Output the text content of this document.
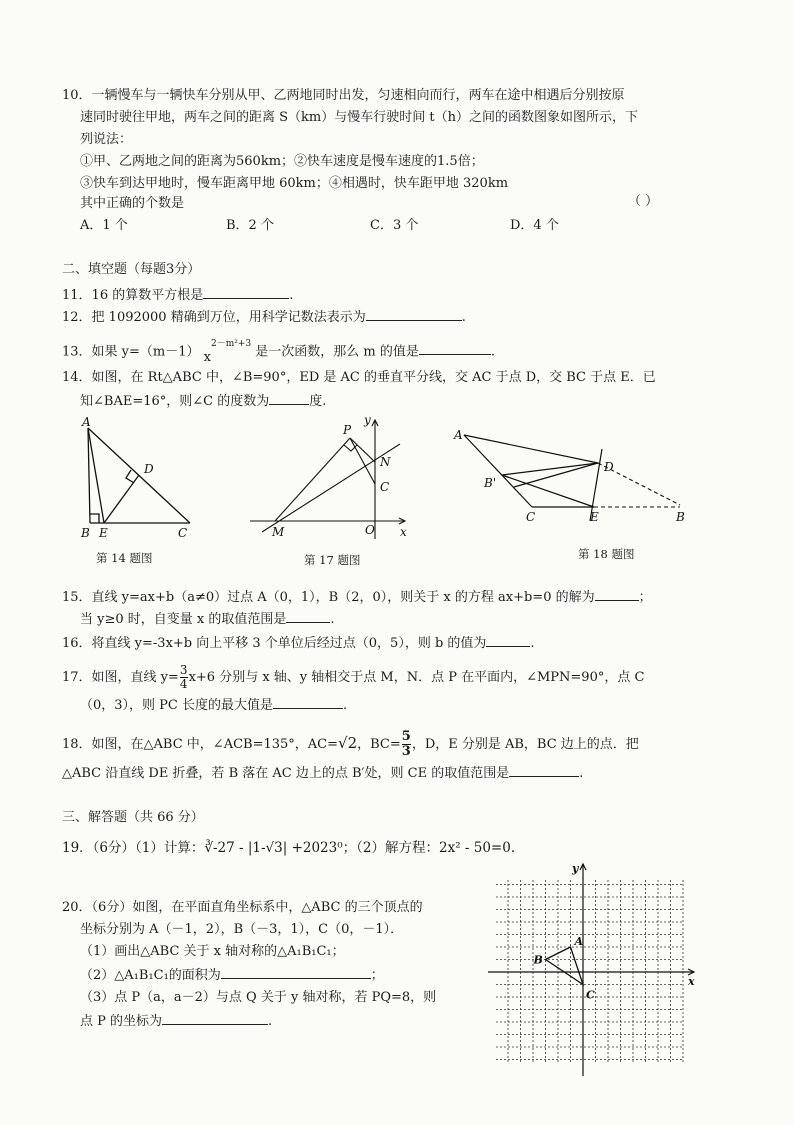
10．一辆慢车与一辆快车分别从甲、乙两地同时出发，匀速相向而行，两车在途中相遇后分别按原
速同时驶往甲地，两车之间的距离 S（km）与慢车行驶时间 t（h）之间的函数图象如图所示，下
列说法：
①甲、乙两地之间的距离为560km；②快车速度是慢车速度的1.5倍；
③快车到达甲地时，慢车距离甲地 60km；④相遇时，快车距甲地 320km
其中正确的个数是	（ ）
A．1 个	B．2 个	C．3 个	D．4 个
二、填空题（每题3分）
11．16 的算数平方根是	.
12．把 1092000 精确到万位，用科学记数法表示为	.
13．如果 y=（m－1） $x^{2-m^2+3}$ 是一次函数，那么 m 的值是	.
14．如图，在 Rt△ABC 中，∠B=90°，ED 是 AC 的垂直平分线，交 AC 于点 D，交 BC 于点 E．已
知∠BAE=16°，则∠C 的度数为	度.
A
D
B E	C
第 14 题图
y
P
N
C
M	O x
第 17 题图
A
D
B'
C	E	B
第 18 题图
15．直线 y=ax+b（a≠0）过点 A（0，1），B（2，0），则关于 x 的方程 ax+b=0 的解为	；
当 y≥0 时，自变量 x 的取值范围是	.
16．将直线 y=-3x+b 向上平移 3 个单位后经过点（0，5），则 b 的值为	.
17．如图，直线 $y= \frac{3}{4} x+6$ 分别与 x 轴、y 轴相交于点 M，N．点 P 在平面内，∠MPN=90°，点 C
（0，3），则 PC 长度的最大值是	.
18．如图，在△ABC 中，∠ACB=135°，AC=√2，$BC= \frac{5}{3}$ ，D，E 分别是 AB，BC 边上的点．把
△ABC 沿直线 DE 折叠，若 B 落在 AC 边上的点 B′处，则 CE 的取值范围是	.
三、解答题（共 66 分）
19．（6分）（1）计算：∛-27 - |1-√3| +2023⁰；（2）解方程：2x² - 50=0.
20．（6分）如图，在平面直角坐标系中，△ABC 的三个顶点的
坐标分别为 A（－1，2），B（－3，1），C（0，－1）．
（1）画出△ABC 关于 x 轴对称的△A₁B₁C₁；
（2）△A₁B₁C₁的面积为	；
（3）点 P（a，a－2）与点 Q 关于 y 轴对称，若 PQ=8，则
点 P 的坐标为	.
y
A
B
C
x
